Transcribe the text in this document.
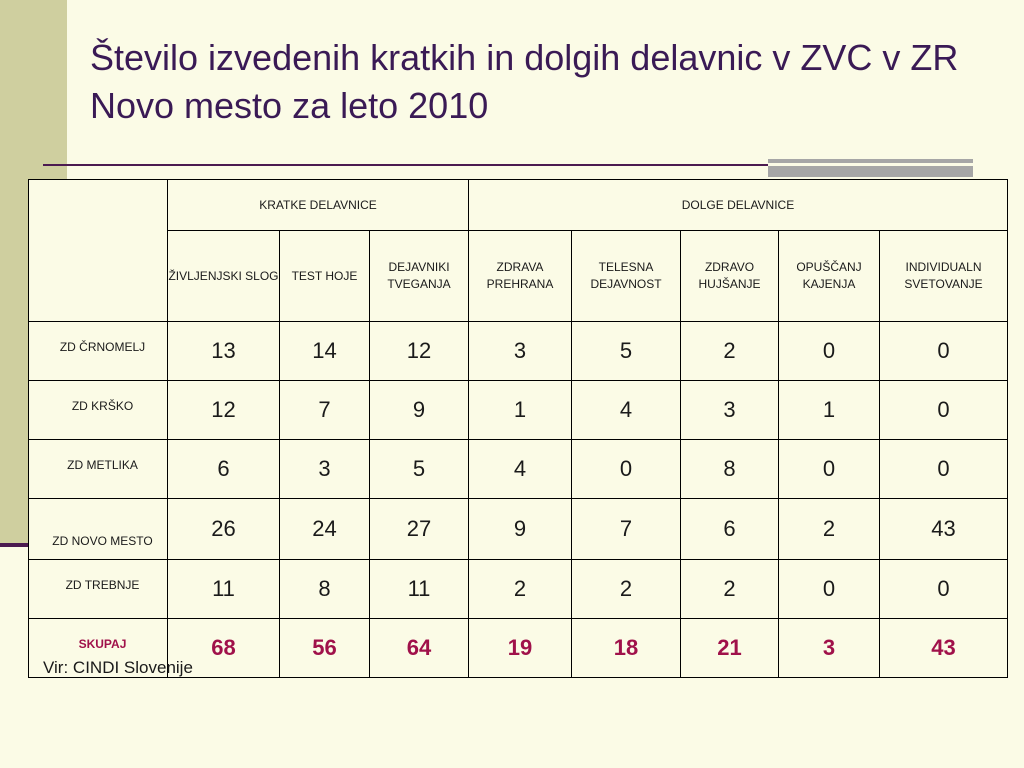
Število izvedenih kratkih in dolgih delavnic v ZVC v ZR Novo mesto za leto 2010
	KRATKE DELAVNICE			DOLGE DELAVNICE				
	ŽIVLJENJSKI SLOG	TEST HOJE	DEJAVNIKI TVEGANJA	ZDRAVA PREHRANA	TELESNA DEJAVNOST	ZDRAVO HUJŠANJE	OPUŠČANJ KAJENJA	INDIVIDUALN SVETOVANJE
ZD ČRNOMELJ	13	14	12	3	5	2	0	0
ZD KRŠKO	12	7	9	1	4	3	1	0
ZD METLIKA	6	3	5	4	0	8	0	0
ZD NOVO MESTO	26	24	27	9	7	6	2	43
ZD TREBNJE	11	8	11	2	2	2	0	0
SKUPAJ	68	56	64	19	18	21	3	43
Vir: CINDI Slovenije
